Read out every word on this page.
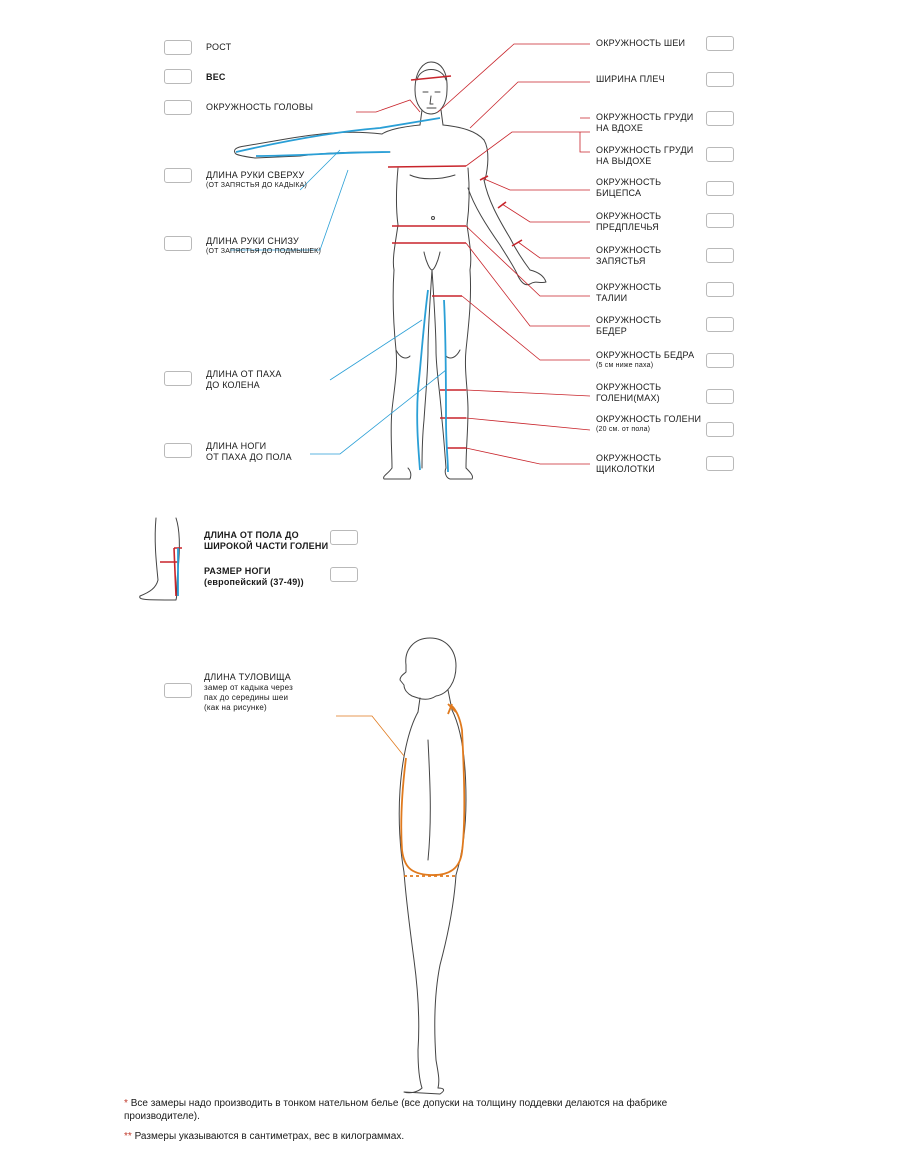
РОСТ
ВЕС
ОКРУЖНОСТЬ ГОЛОВЫ
ДЛИНА РУКИ СВЕРХУ
(ОТ ЗАПЯСТЬЯ ДО КАДЫКА)
ДЛИНА РУКИ СНИЗУ
(ОТ ЗАПЯСТЬЯ ДО ПОДМЫШЕК)
ДЛИНА ОТ ПАХА
ДО КОЛЕНА
ДЛИНА НОГИ
ОТ ПАХА ДО ПОЛА
ОКРУЖНОСТЬ ШЕИ
ШИРИНА ПЛЕЧ
ОКРУЖНОСТЬ ГРУДИ
НА ВДОХЕ
ОКРУЖНОСТЬ ГРУДИ
НА ВЫДОХЕ
ОКРУЖНОСТЬ
БИЦЕПСА
ОКРУЖНОСТЬ
ПРЕДПЛЕЧЬЯ
ОКРУЖНОСТЬ
ЗАПЯСТЬЯ
ОКРУЖНОСТЬ
ТАЛИИ
ОКРУЖНОСТЬ
БЕДЕР
ОКРУЖНОСТЬ БЕДРА
(5 см ниже паха)
ОКРУЖНОСТЬ
ГОЛЕНИ(MAX)
ОКРУЖНОСТЬ ГОЛЕНИ
(20 см. от пола)
ОКРУЖНОСТЬ
ЩИКОЛОТКИ
ДЛИНА ОТ ПОЛА ДО
ШИРОКОЙ ЧАСТИ ГОЛЕНИ
РАЗМЕР НОГИ
(европейский (37-49))
ДЛИНА ТУЛОВИЩА
замер от кадыка через
пах до середины шеи
(как на рисунке)
* Все замеры надо производить в тонком нательном белье (все допуски на толщину поддевки делаются на фабрике производителе).
** Размеры указываются в сантиметрах, вес в килограммах.
